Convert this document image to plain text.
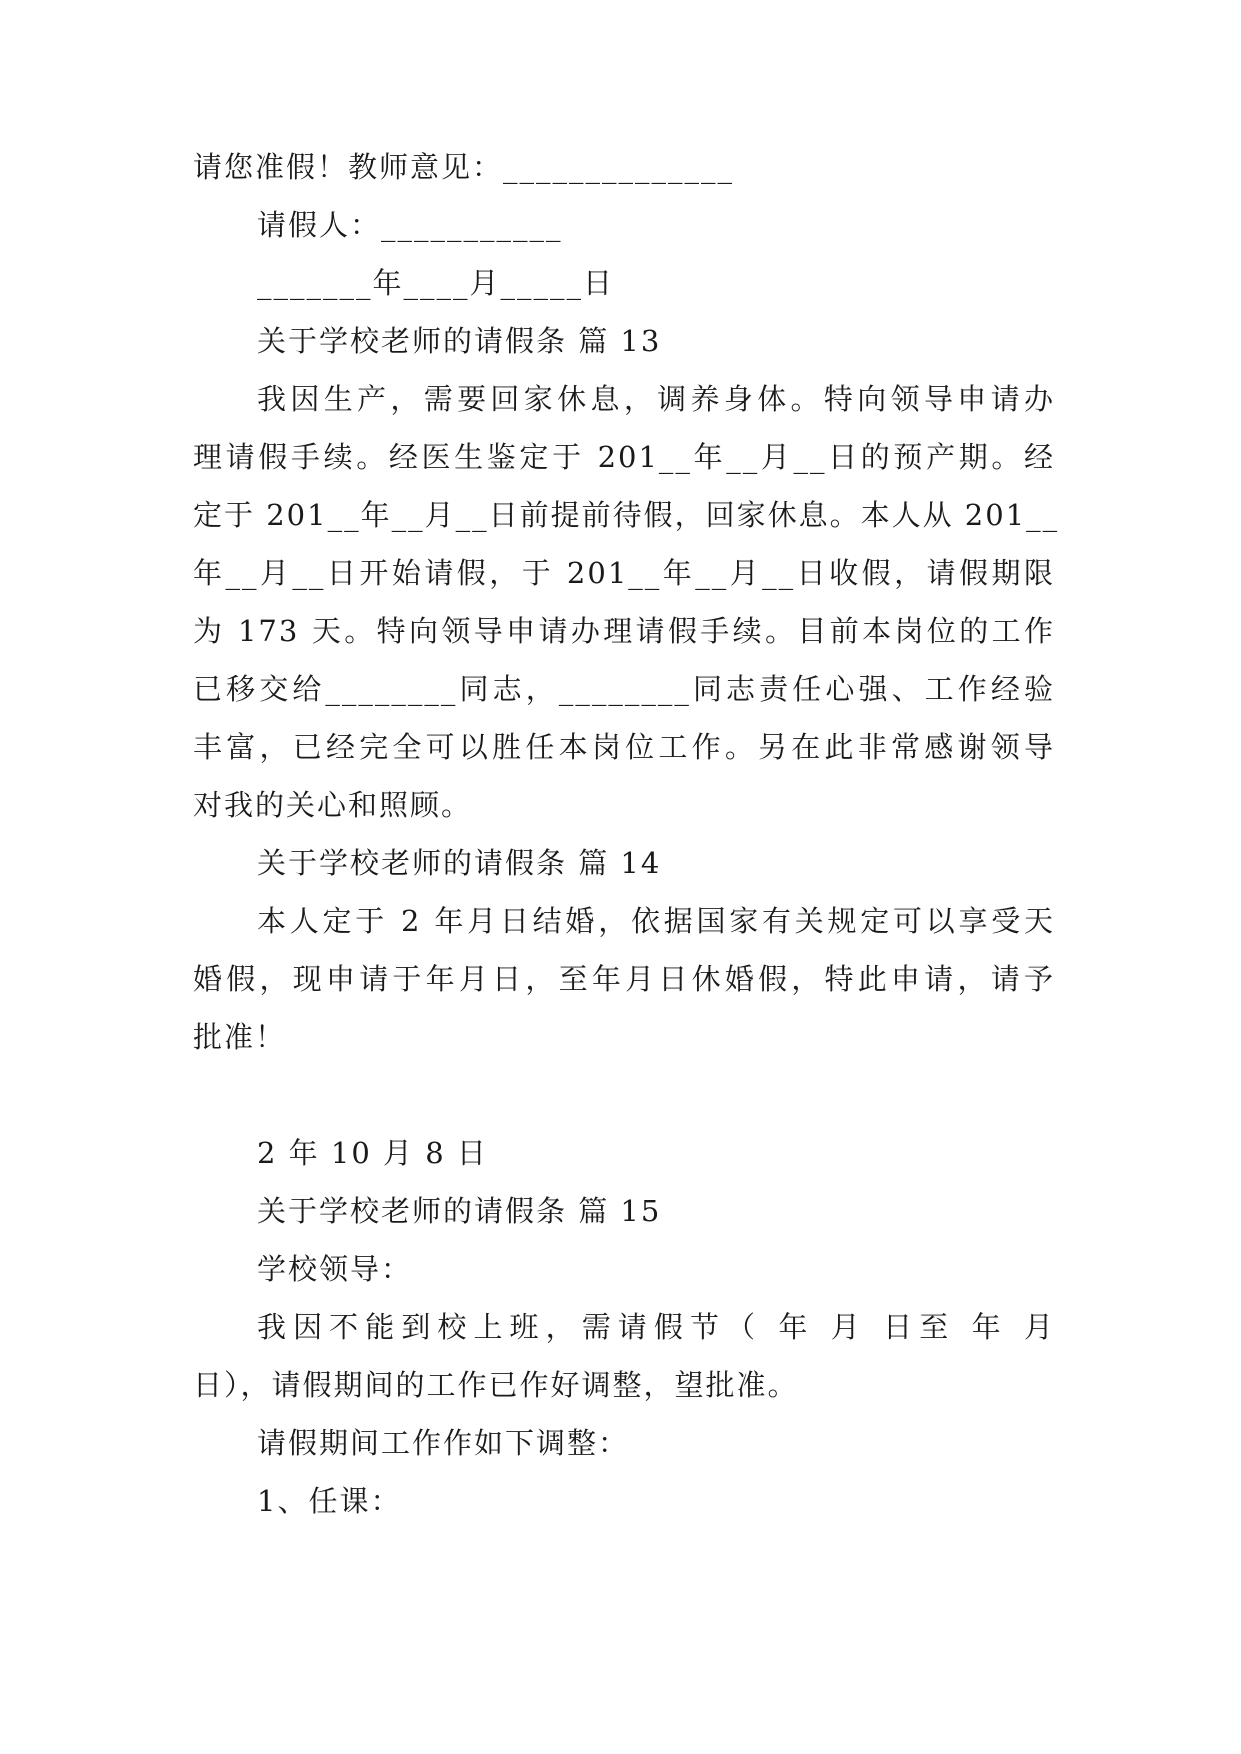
请您准假！教师意见：______________
请假人：___________
_______年____月_____日
关于学校老师的请假条 篇 13
我因生产，需要回家休息，调养身体。特向领导申请办
理请假手续。经医生鉴定于 201__年__月__日的预产期。经
定于 201__年__月__日前提前待假，回家休息。本人从 201__
年__月__日开始请假，于 201__年__月__日收假，请假期限
为 173 天。特向领导申请办理请假手续。目前本岗位的工作
已移交给________同志，________同志责任心强、工作经验
丰富，已经完全可以胜任本岗位工作。另在此非常感谢领导
对我的关心和照顾。
关于学校老师的请假条 篇 14
本人定于 2 年月日结婚，依据国家有关规定可以享受天
婚假，现申请于年月日，至年月日休婚假，特此申请，请予
批准！
2 年 10 月 8 日
关于学校老师的请假条 篇 15
学校领导：
我因不能到校上班，需请假节（ 年 月 日至 年 月
日），请假期间的工作已作好调整，望批准。
请假期间工作作如下调整：
1、任课：
